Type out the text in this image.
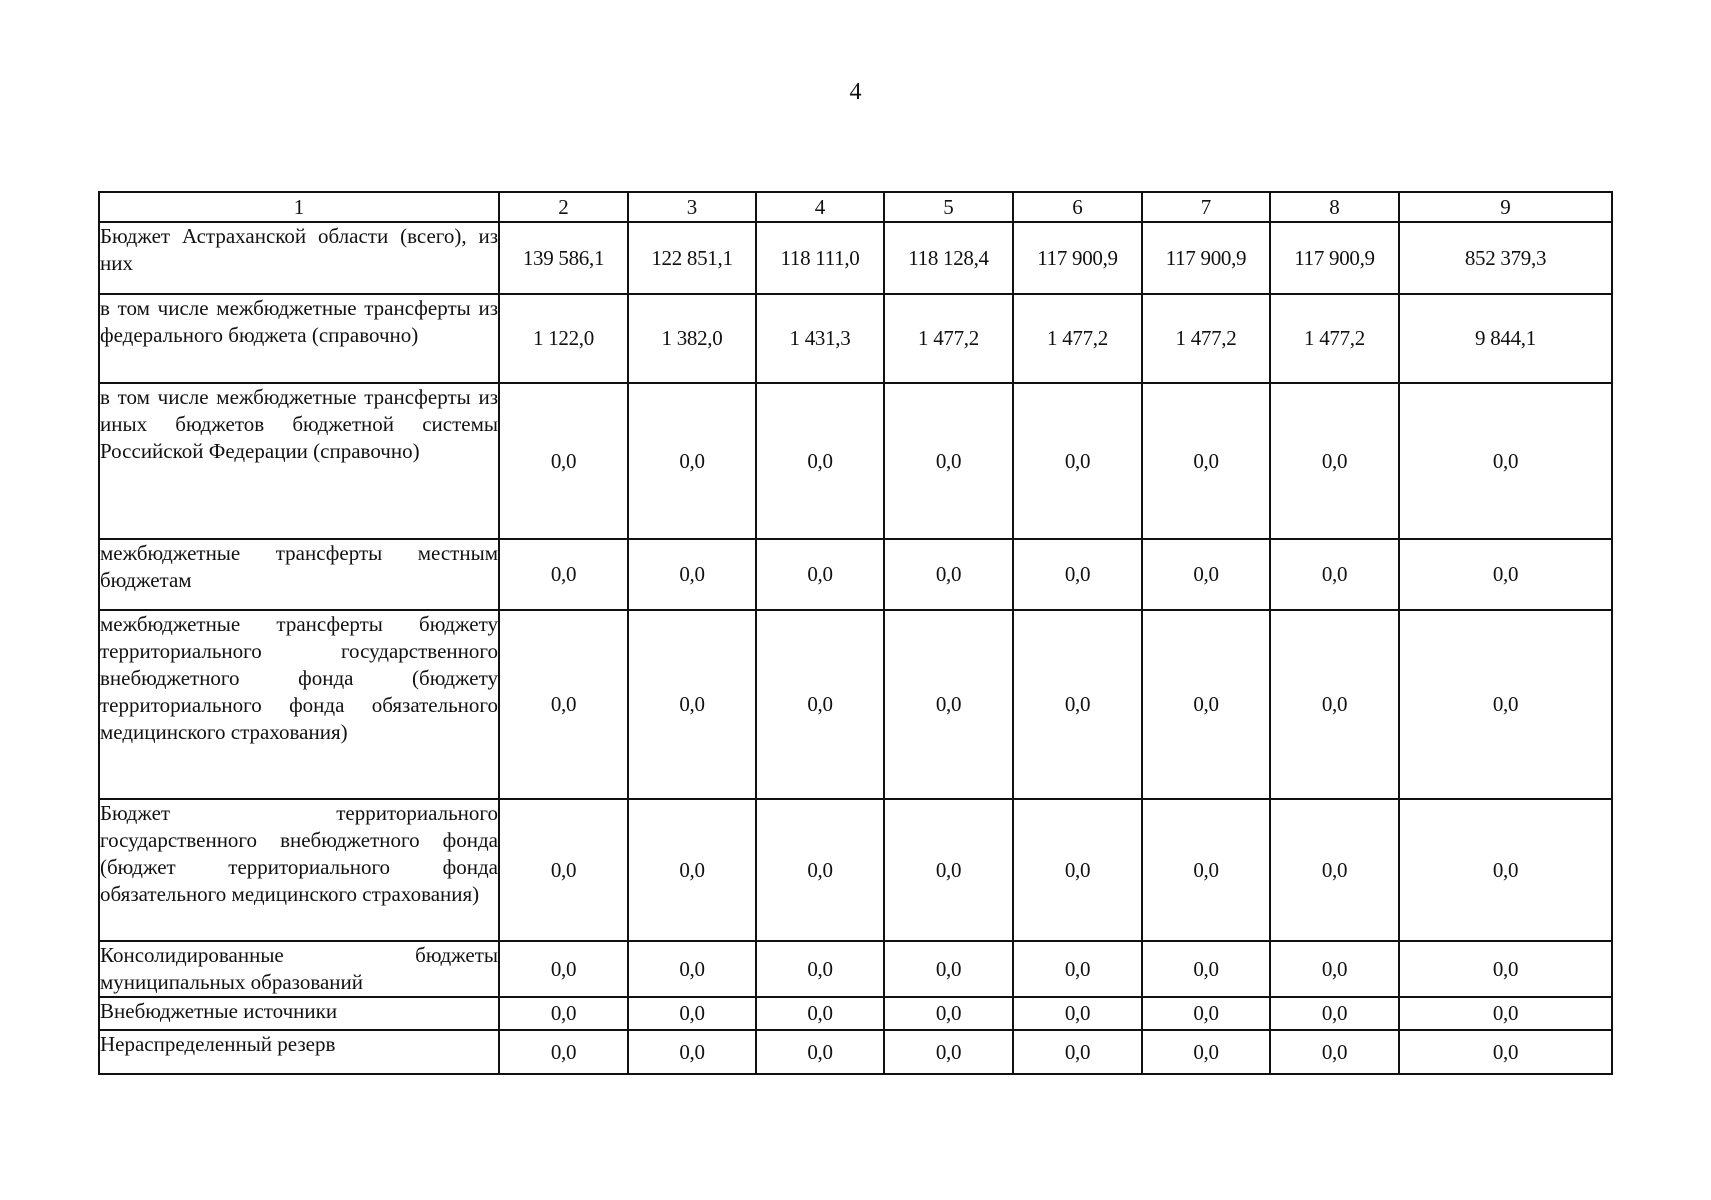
4
1	2	3	4	5	6	7	8	9
Бюджет Астраханской области (всего), из них	139 586,1	122 851,1	118 111,0	118 128,4	117 900,9	117 900,9	117 900,9	852 379,3
в том числе межбюджетные трансферты из федерального бюджета (справочно)	1 122,0	1 382,0	1 431,3	1 477,2	1 477,2	1 477,2	1 477,2	9 844,1
в том числе межбюджетные трансферты из иных бюджетов бюджетной системы Российской Федерации (справочно)	0,0	0,0	0,0	0,0	0,0	0,0	0,0	0,0
межбюджетные трансферты местным бюджетам	0,0	0,0	0,0	0,0	0,0	0,0	0,0	0,0
межбюджетные трансферты бюджету территориального государственного внебюджетного фонда (бюджету территориального фонда обязательного медицинского страхования)	0,0	0,0	0,0	0,0	0,0	0,0	0,0	0,0
Бюджет территориального государственного внебюджетного фонда (бюджет территориального фонда обязательного медицинского страхования)	0,0	0,0	0,0	0,0	0,0	0,0	0,0	0,0
Консолидированные бюджеты муниципальных образований	0,0	0,0	0,0	0,0	0,0	0,0	0,0	0,0
Внебюджетные источники	0,0	0,0	0,0	0,0	0,0	0,0	0,0	0,0
Нераспределенный резерв	0,0	0,0	0,0	0,0	0,0	0,0	0,0	0,0
